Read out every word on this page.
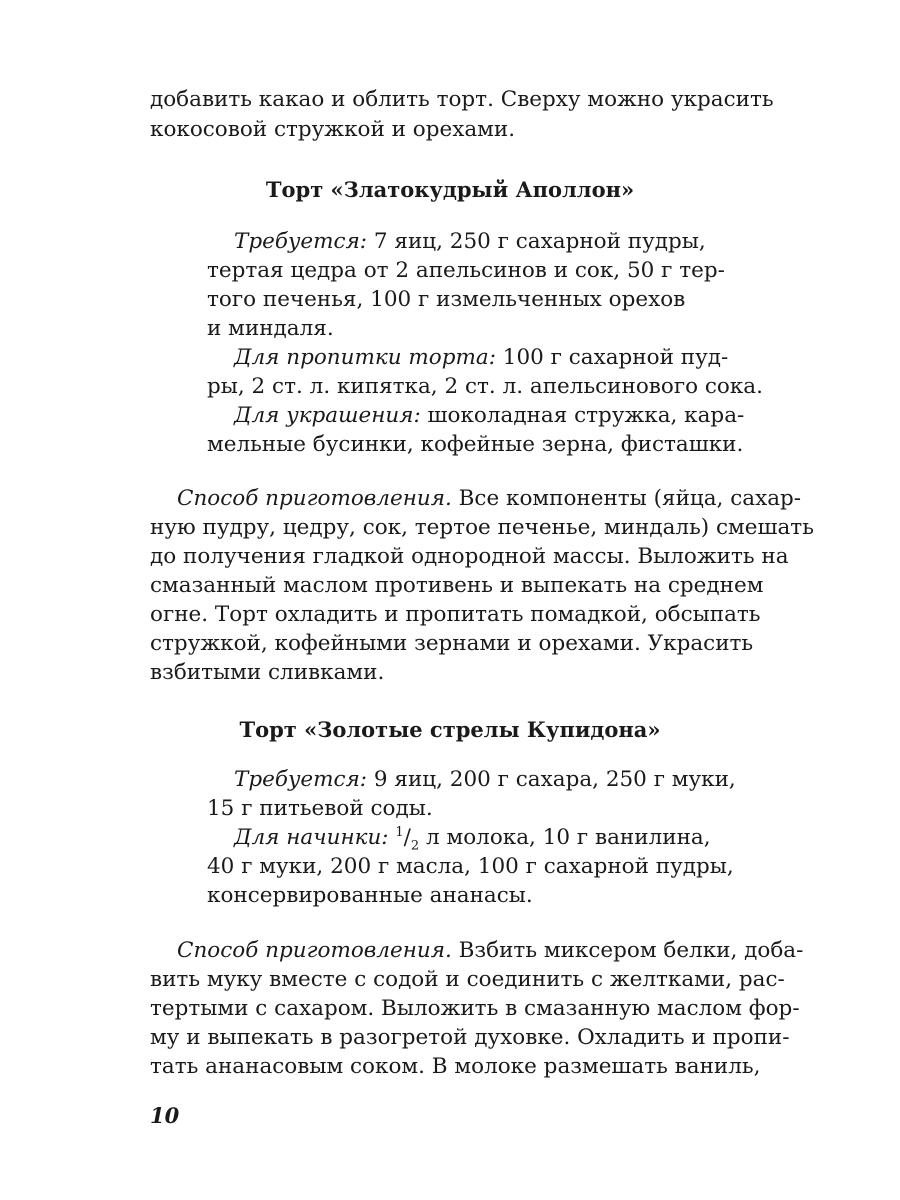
добавить какао и облить торт. Сверху можно украсить
кокосовой стружкой и орехами.
Торт «Златокудрый Аполлон»
Требуется: 7 яиц, 250 г сахарной пудры,
тертая цедра от 2 апельсинов и сок, 50 г тер-
того печенья, 100 г измельченных орехов
и миндаля.
Для пропитки торта: 100 г сахарной пуд-
ры, 2 ст. л. кипятка, 2 ст. л. апельсинового сока.
Для украшения: шоколадная стружка, кара-
мельные бусинки, кофейные зерна, фисташки.
Способ приготовления. Все компоненты (яйца, сахар-
ную пудру, цедру, сок, тертое печенье, миндаль) смешать
до получения гладкой однородной массы. Выложить на
смазанный маслом противень и выпекать на среднем
огне. Торт охладить и пропитать помадкой, обсыпать
стружкой, кофейными зернами и орехами. Украсить
взбитыми сливками.
Торт «Золотые стрелы Купидона»
Требуется: 9 яиц, 200 г сахара, 250 г муки,
15 г питьевой соды.
Для начинки: $^1/_2$ л молока, 10 г ванилина,
40 г муки, 200 г масла, 100 г сахарной пудры,
консервированные ананасы.
Способ приготовления. Взбить миксером белки, доба-
вить муку вместе с содой и соединить с желтками, рас-
тертыми с сахаром. Выложить в смазанную маслом фор-
му и выпекать в разогретой духовке. Охладить и пропи-
тать ананасовым соком. В молоке размешать ваниль,
10
